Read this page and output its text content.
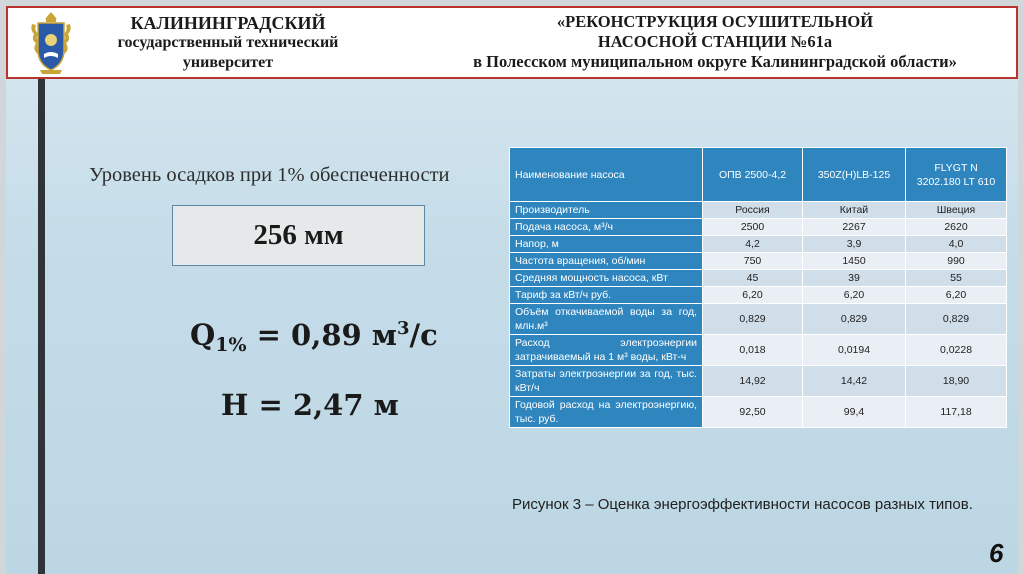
КАЛИНИНГРАДСКИЙ
государственный технический
университет
«РЕКОНСТРУКЦИЯ ОСУШИТЕЛЬНОЙ
НАСОСНОЙ СТАНЦИИ №61а
в Полесском муниципальном округе Калининградской области»
Уровень осадков при 1% обеспеченности
256 мм
$Q_{1\%} = 0,89$ $м^3/с$
H = 2,47 м
Наименование насоса	ОПВ 2500-4,2	350Z(H)LB-125	FLYGT N 3202.180 LT 610
Производитель	Россия	Китай	Швеция
Подача насоса, м³/ч	2500	2267	2620
Напор, м	4,2	3,9	4,0
Частота вращения, об/мин	750	1450	990
Средняя мощность насоса, кВт	45	39	55
Тариф за кВт/ч руб.	6,20	6,20	6,20
Объём откачиваемой воды за год, млн.м³	0,829	0,829	0,829
Расход электроэнергии затрачиваемый на 1 м³ воды, кВт-ч	0,018	0,0194	0,0228
Затраты электроэнергии за год, тыс. кВт/ч	14,92	14,42	18,90
Годовой расход на электроэнергию, тыс. руб.	92,50	99,4	117,18
Рисунок 3 – Оценка энергоэффективности насосов разных типов.
6
